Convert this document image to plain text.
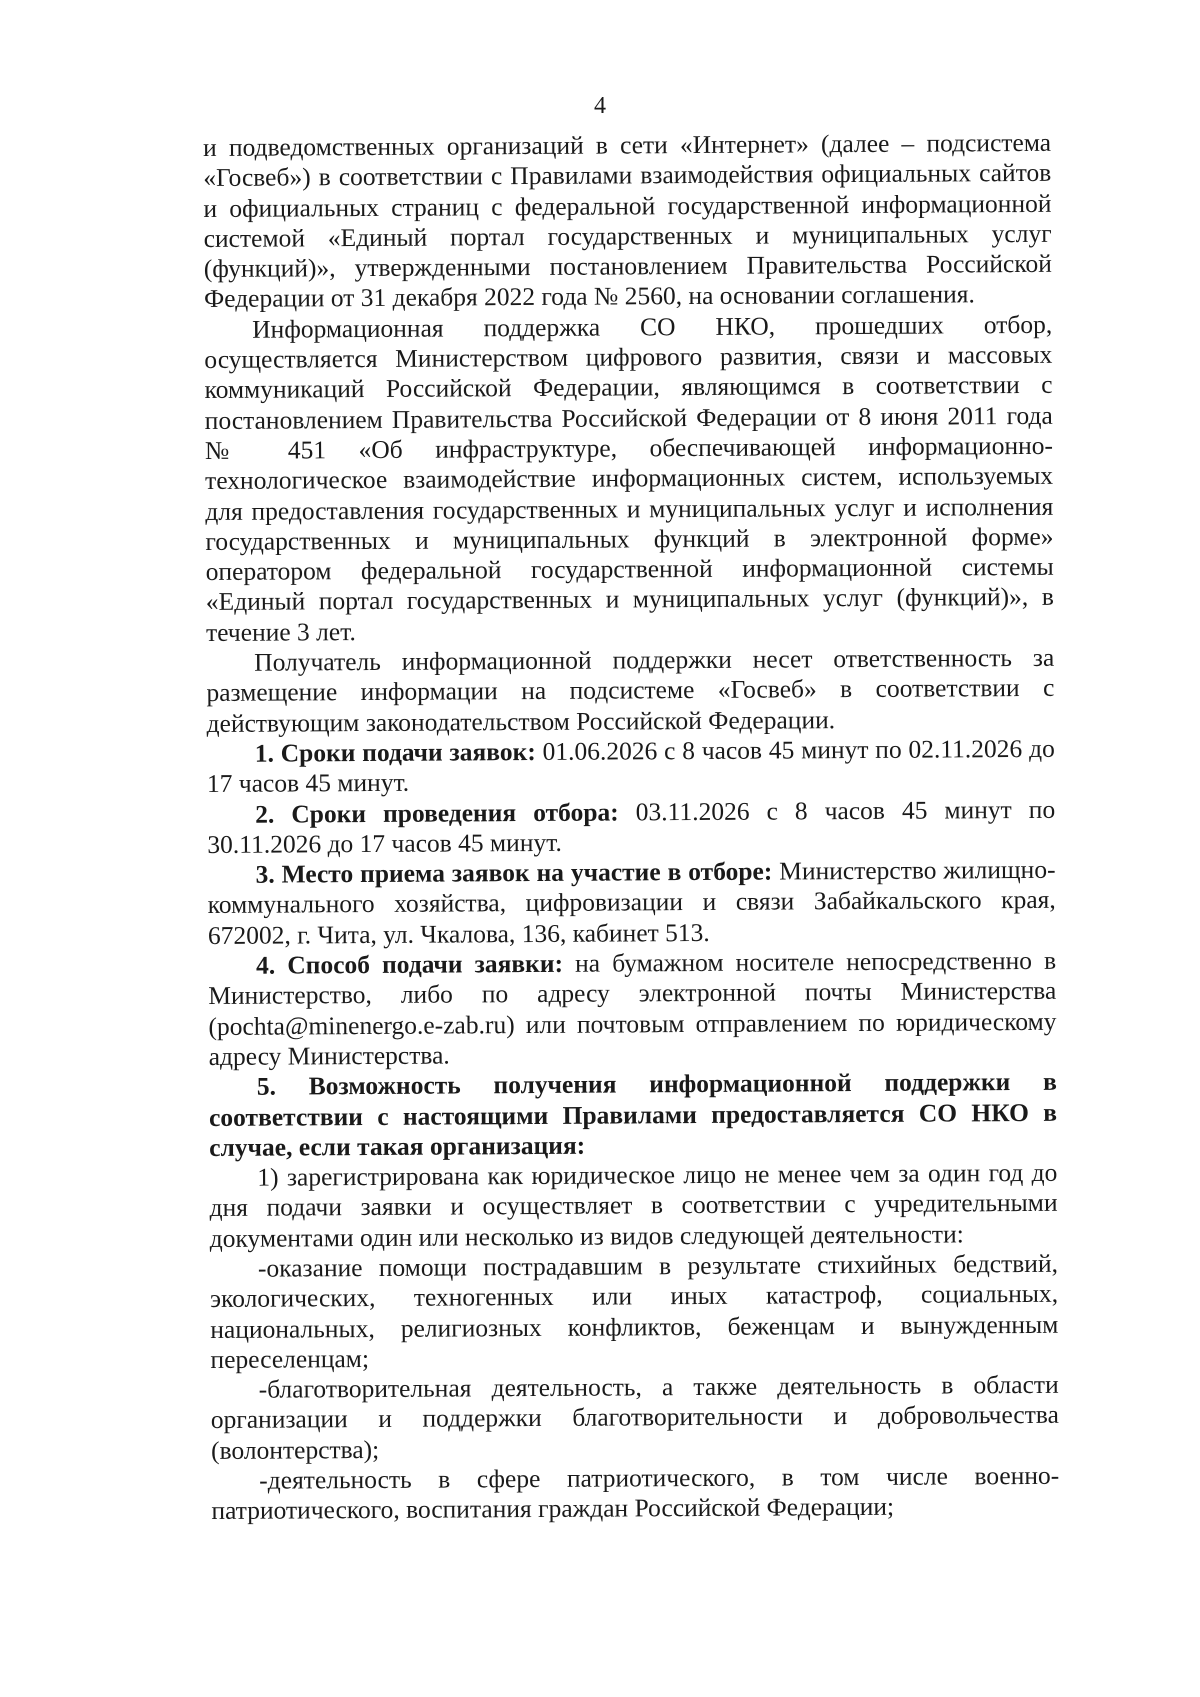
4

и подведомственных организаций в сети «Интернет» (далее – подсистема «Госвеб») в соответствии с Правилами взаимодействия официальных сайтов и официальных страниц с федеральной государственной информационной системой «Единый портал государственных и муниципальных услуг (функций)», утвержденными постановлением Правительства Российской Федерации от 31 декабря 2022 года № 2560, на основании соглашения.

Информационная поддержка СО НКО, прошедших отбор, осуществляется Министерством цифрового развития, связи и массовых коммуникаций Российской Федерации, являющимся в соответствии с постановлением Правительства Российской Федерации от 8 июня 2011 года № 451 «Об инфраструктуре, обеспечивающей информационно-технологическое взаимодействие информационных систем, используемых для предоставления государственных и муниципальных услуг и исполнения государственных и муниципальных функций в электронной форме» оператором федеральной государственной информационной системы «Единый портал государственных и муниципальных услуг (функций)», в течение 3 лет.

Получатель информационной поддержки несет ответственность за размещение информации на подсистеме «Госвеб» в соответствии с действующим законодательством Российской Федерации.

1. Сроки подачи заявок: 01.06.2026 с 8 часов 45 минут по 02.11.2026 до 17 часов 45 минут.

2. Сроки проведения отбора: 03.11.2026 с 8 часов 45 минут по 30.11.2026 до 17 часов 45 минут.

3. Место приема заявок на участие в отборе: Министерство жилищно-коммунального хозяйства, цифровизации и связи Забайкальского края, 672002, г. Чита, ул. Чкалова, 136, кабинет 513.

4. Способ подачи заявки: на бумажном носителе непосредственно в Министерство, либо по адресу электронной почты Министерства (pochta@minenergo.e-zab.ru) или почтовым отправлением по юридическому адресу Министерства.

5. Возможность получения информационной поддержки в соответствии с настоящими Правилами предоставляется СО НКО в случае, если такая организация:

1) зарегистрирована как юридическое лицо не менее чем за один год до дня подачи заявки и осуществляет в соответствии с учредительными документами один или несколько из видов следующей деятельности:

-оказание помощи пострадавшим в результате стихийных бедствий, экологических, техногенных или иных катастроф, социальных, национальных, религиозных конфликтов, беженцам и вынужденным переселенцам;

-благотворительная деятельность, а также деятельность в области организации и поддержки благотворительности и добровольчества (волонтерства);

-деятельность в сфере патриотического, в том числе военно-патриотического, воспитания граждан Российской Федерации;
